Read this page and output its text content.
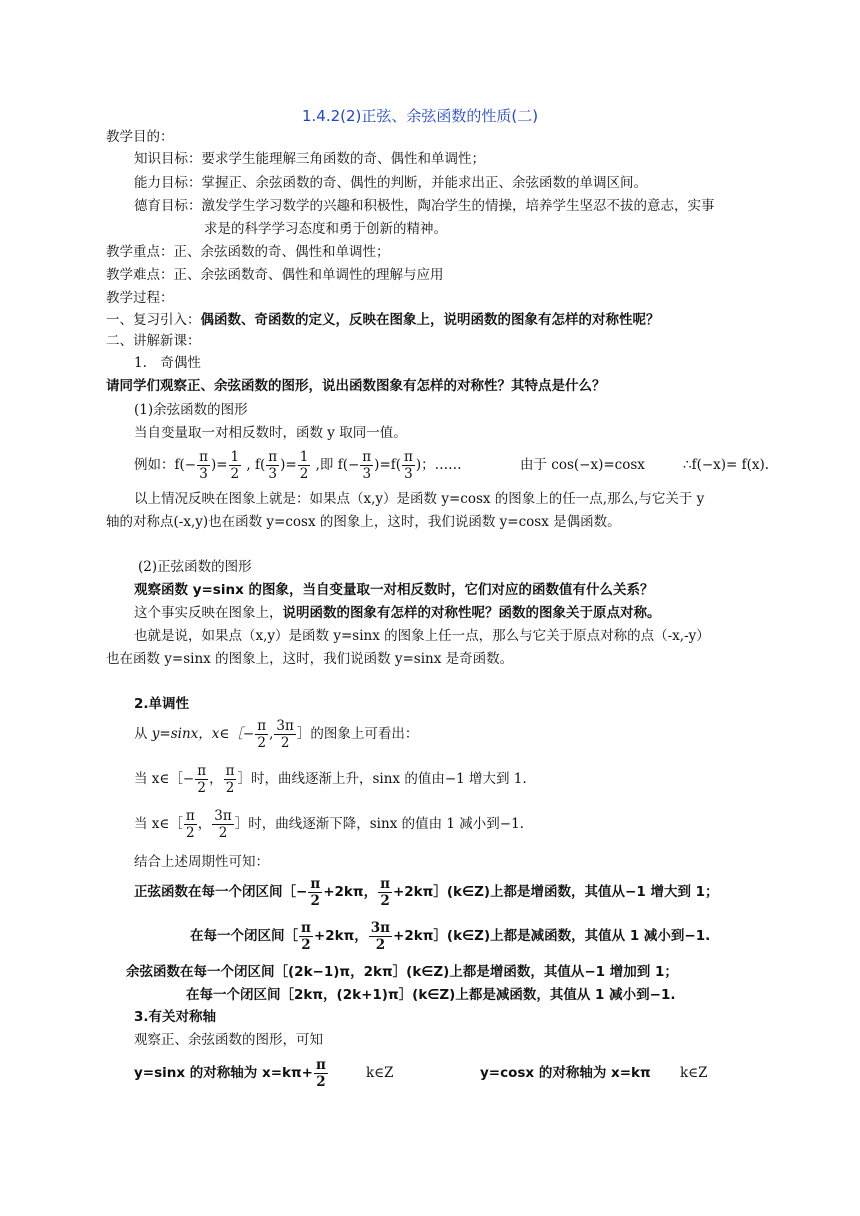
1.4.2(2)正弦、余弦函数的性质(二)
教学目的：
知识目标：要求学生能理解三角函数的奇、偶性和单调性；
能力目标：掌握正、余弦函数的奇、偶性的判断，并能求出正、余弦函数的单调区间。
德育目标：激发学生学习数学的兴趣和积极性，陶冶学生的情操，培养学生坚忍不拔的意志，实事
求是的科学学习态度和勇于创新的精神。
教学重点：正、余弦函数的奇、偶性和单调性；
教学难点：正、余弦函数奇、偶性和单调性的理解与应用
教学过程：
一、复习引入：偶函数、奇函数的定义，反映在图象上，说明函数的图象有怎样的对称性呢？
二、讲解新课：
1.　奇偶性
请同学们观察正、余弦函数的图形，说出函数图象有怎样的对称性？其特点是什么？
(1)余弦函数的图形
当自变量取一对相反数时，函数 y 取同一值。
例如：$f(- \frac{\pi}{3}$ )= $\frac{1}{2}$ , $f( \frac{\pi}{3}$ )= $\frac{1}{2}$ ,即 $f(- \frac{\pi}{3} )=f( \frac{\pi}{3}$ )；……	由于 cos(−x)=cosx	∴f(−x)= f(x).
以上情况反映在图象上就是：如果点（x,y）是函数 y=cosx 的图象上的任一点,那么,与它关于 y
轴的对称点(-x,y)也在函数 y=cosx 的图象上，这时，我们说函数 y=cosx 是偶函数。
(2)正弦函数的图形
观察函数 y=sinx 的图象，当自变量取一对相反数时，它们对应的函数值有什么关系？
这个事实反映在图象上，说明函数的图象有怎样的对称性呢？函数的图象关于原点对称。
也就是说，如果点（x,y）是函数 y=sinx 的图象上任一点，那么与它关于原点对称的点（-x,-y）
也在函数 y=sinx 的图象上，这时，我们说函数 y=sinx 是奇函数。
2.单调性
从 y=sinx，x∈［− $\frac{\pi}{2}$ , $\frac{3\pi}{2}$ ］的图象上可看出：
当 x∈［− $\frac{\pi}{2}$ ， $\frac{\pi}{2}$ ］时，曲线逐渐上升，sinx 的值由−1 增大到 1.
当 x∈［ $\frac{\pi}{2}$ ， $\frac{3\pi}{2}$ ］时，曲线逐渐下降，sinx 的值由 1 减小到−1.
结合上述周期性可知：
正弦函数在每一个闭区间［− $\frac{\pi}{2} +2k\pi$， $\frac{\pi}{2}$ +2kπ］(k∈Z)上都是增函数，其值从−1 增大到 1；
在每一个闭区间［ $\frac{\pi}{2} +2k\pi$， $\frac{3\pi}{2}$ +2kπ］(k∈Z)上都是减函数，其值从 1 减小到−1.
余弦函数在每一个闭区间［(2k−1)π，2kπ］(k∈Z)上都是增函数，其值从−1 增加到 1；
在每一个闭区间［2kπ，(2k+1)π］(k∈Z)上都是减函数，其值从 1 减小到−1.
3.有关对称轴
观察正、余弦函数的图形，可知
y=sinx 的对称轴为 $x=k\pi+ \frac{\pi}{2}$	k∈Z	y=cosx 的对称轴为 x=kπ k∈Z
